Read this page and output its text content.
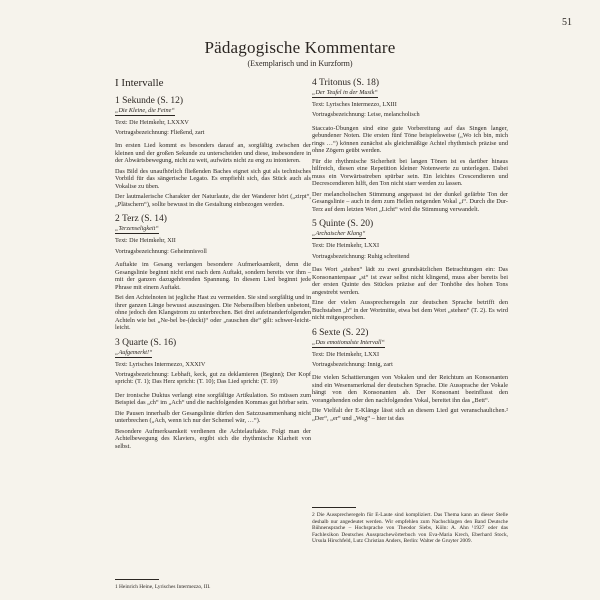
51
Pädagogische Kommentare
(Exemplarisch und in Kurzform)
I Intervalle
1 Sekunde (S. 12)
„Die Kleine, die Feine“

Text: Die Heimkehr, LXXXV

Vortragsbezeichnung: Fließend, zart

Im ersten Lied kommt es besonders darauf an, sorgfältig zwischen der kleinen und der großen Sekunde zu unterscheiden und diese, insbesondere in der Abwärtsbewegung, nicht zu weit, aufwärts nicht zu eng zu intonieren.

Das Bild des unaufhörlich fließenden Baches eignet sich gut als technisches Vorbild für das sängerische Legato. Es empfiehlt sich, das Stück auch als Vokalise zu üben.

Der lautmalerische Charakter der Naturlaute, die der Wanderer hört („zirpt“, „Plätschern“), sollte bewusst in die Gestaltung einbezogen werden.

2 Terz (S. 14)
„Terzenseligkeit“

Text: Die Heimkehr, XII

Vortragsbezeichnung: Geheimnisvoll

Auftakte im Gesang verlangen besondere Aufmerksamkeit, denn die Gesangslinie beginnt nicht erst nach dem Auftakt, sondern bereits vor ihm – mit der ganzen dazugehörenden Spannung. In diesem Lied beginnt jede Phrase mit einem Auftakt.

Bei den Achtelnoten ist jegliche Hast zu vermeiden. Sie sind sorgfältig und in ihrer ganzen Länge bewusst auszusingen. Die Nebensilben bleiben unbetont, ohne jedoch den Klangstrom zu unterbrechen. Bei drei aufeinanderfolgenden Achteln wie bei „Ne-bel be-(deckt)“ oder „rauschen die“ gilt: schwer-leicht-leicht.

3 Quarte (S. 16)
„Aufgemerkt!“

Text: Lyrisches Intermezzo, XXXIV

Vortragsbezeichnung: Lebhaft, keck, gut zu deklamieren (Beginn); Der Kopf spricht: (T. 1); Das Herz spricht: (T. 10); Das Lied spricht: (T. 19)

Der ironische Duktus verlangt eine sorgfältige Artikulation. So müssen zum Beispiel das „ch“ im „Ach“ und die nachfolgenden Kommas gut hörbar sein.

Die Pausen innerhalb der Gesangslinie dürfen den Satzzusammenhang nicht unterbrechen („Ach, wenn ich nur der Schemel wär, …“).

Besondere Aufmerksamkeit verdienen die Achtelauftakte. Folgt man der Achtelbewegung des Klaviers, ergibt sich die rhythmische Klarheit von selbst.

4 Tritonus (S. 18)
„Der Teufel in der Musik“

Text: Lyrisches Intermezzo, LXIII

Vortragsbezeichnung: Leise, melancholisch

Staccato-Übungen sind eine gute Vorbereitung auf das Singen langer, gebundener Noten. Die ersten fünf Töne beispielsweise („Wo ich bin, mich rings …“) können zunächst als gleichmäßige Achtel rhythmisch präzise und ohne Zögern geübt werden.

Für die rhythmische Sicherheit bei langen Tönen ist es darüber hinaus hilfreich, diesen eine Repetition kleiner Notenwerte zu unterlegen. Dabei muss ein Vorwärtsstreben spürbar sein. Ein leichtes Crescendieren und Decrescendieren hilft, den Ton nicht starr werden zu lassen.

Der melancholischen Stimmung angepasst ist der dunkel gefärbte Ton der Gesangslinie – auch in dem zum Hellen neigenden Vokal „i“. Durch die Dur-Terz auf dem letzten Wort „Licht“ wird die Stimmung verwandelt.

5 Quinte (S. 20)
„Archaischer Klang“

Text: Die Heimkehr, LXXI

Vortragsbezeichnung: Ruhig schreitend

Das Wort „stehen“ lädt zu zwei grundsätzlichen Betrachtungen ein: Das Konsonantenpaar „st“ ist zwar selbst nicht klingend, muss aber bereits bei der ersten Quinte des Stückes präzise auf der Tonhöhe des hohen Tons angestrebt werden.

Eine der vielen Aussprecheregeln zur deutschen Sprache betrifft den Buchstaben „h“ in der Wortmitte, etwa bei dem Wort „stehen“ (T. 2). Es wird nicht mitgesprochen.

6 Sexte (S. 22)
„Das emotionalste Intervall“

Text: Die Heimkehr, LXXI

Vortragsbezeichnung: Innig, zart

Die vielen Schattierungen von Vokalen und der Reichtum an Konsonanten sind ein Wesensmerkmal der deutschen Sprache. Die Aussprache der Vokale hängt von den Konsonanten ab. Der Konsonant beeinflusst den vorangehenden oder den nachfolgenden Vokal, bereitet ihn das „Bett“.

Die Vielfalt der E-Klänge lässt sich an diesem Lied gut veranschaulichen.² „Der“, „er“ und „Weg“ – hier ist das

1 Heinrich Heine, Lyrisches Intermezzo, III.

2 Die Aussprecheregeln für E-Laute sind kompliziert. Das Thema kann an dieser Stelle deshalb nur angedeutet werden. Wir empfehlen zum Nachschlagen den Band Deutsche Bühnensprache – Hochsprache von Theodor Siebs, Köln: A. Ahn ¹1927 oder das Fachlexikon Deutsches Aussprachewörterbuch von Eva-Maria Krech, Eberhard Stock, Ursula Hirschfeld, Lutz Christian Anders, Berlin: Walter de Gruyter 2009.
